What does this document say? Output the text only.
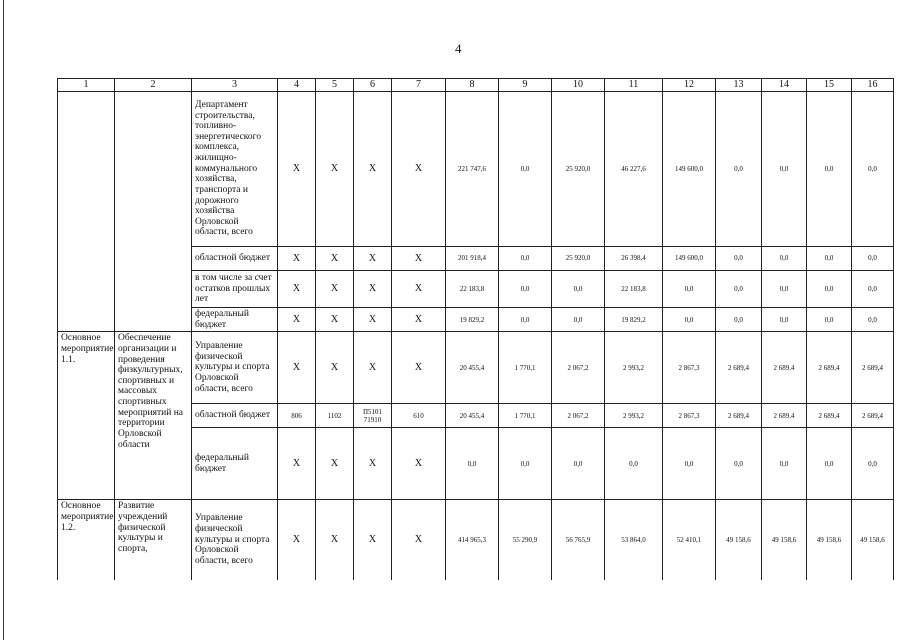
4
1	2	3	4	5	6	7	8	9	10	11	12	13	14	15	16
		Департамент строительства, топливно-энергетического комплекса, жилищно-коммунального хозяйства, транспорта и дорожного хозяйства Орловской области, всего	X	X	X	X	221 747,6	0,0	25 920,0	46 227,6	149 600,0	0,0	0,0	0,0	0,0
		областной бюджет	X	X	X	X	201 918,4	0,0	25 920,0	26 398,4	149 600,0	0,0	0,0	0,0	0,0
		в том числе за счет остатков прошлых лет	X	X	X	X	22 183,8	0,0	0,0	22 183,8	0,0	0,0	0,0	0,0	0,0
		федеральный бюджет	X	X	X	X	19 829,2	0,0	0,0	19 829,2	0,0	0,0	0,0	0,0	0,0
Основное мероприятие 1.1.	Обеспечение организации и проведения физкультурных, спортивных и массовых спортивных мероприятий на территории Орловской области	Управление физической культуры и спорта Орловской области, всего	X	X	X	X	20 455,4	1 770,1	2 067,2	2 993,2	2 867,3	2 689,4	2 689,4	2 689,4	2 689,4
		областной бюджет	806	1102	П5101 71910	610	20 455,4	1 770,1	2 067,2	2 993,2	2 867,3	2 689,4	2 689,4	2 689,4	2 689,4
		федеральный бюджет	X	X	X	X	0,0	0,0	0,0	0,0	0,0	0,0	0,0	0,0	0,0
Основное мероприятие 1.2.	Развитие учреждений физической культуры и спорта,	Управление физической культуры и спорта Орловской области, всего	X	X	X	X	414 965,3	55 290,9	56 765,9	53 864,0	52 410,1	49 158,6	49 158,6	49 158,6	49 158,6
